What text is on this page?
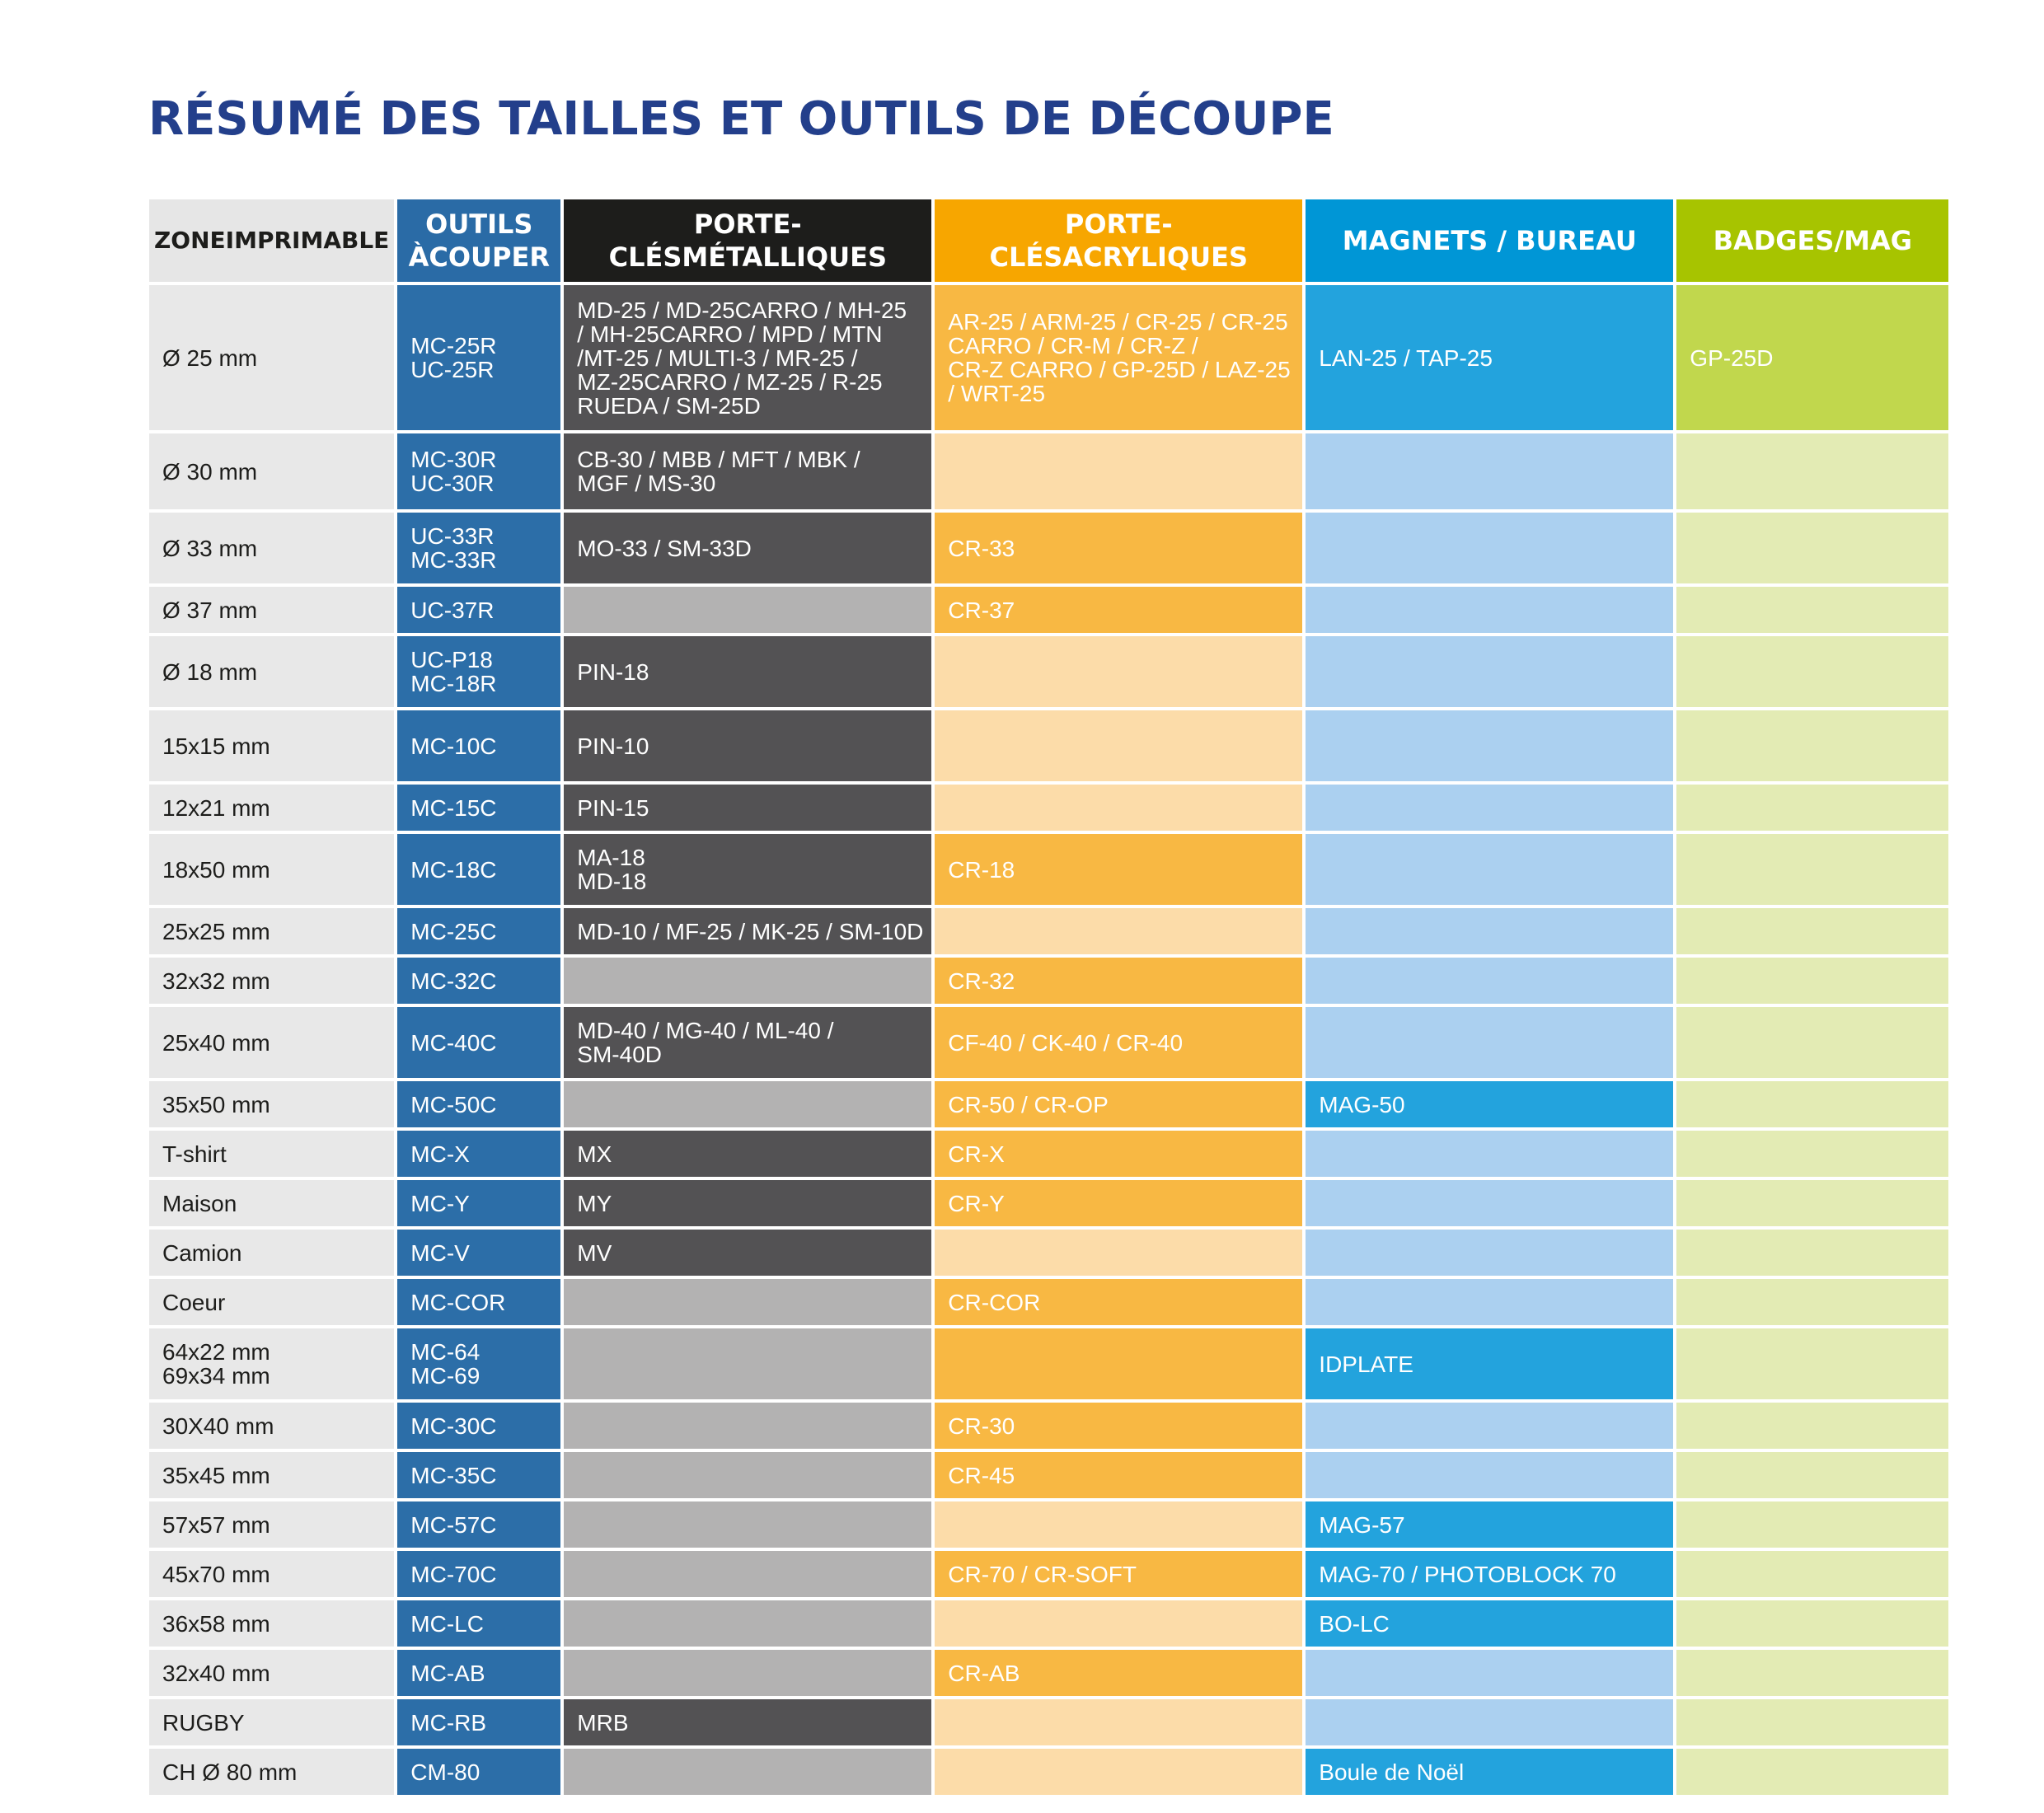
RÉSUMÉ DES TAILLES ET OUTILS DE DÉCOUPE
ZONEIMPRIMABLE	OUTILS ÀCOUPER	PORTE-CLÉSMÉTALLIQUES	PORTE-CLÉSACRYLIQUES	MAGNETS / BUREAU	BADGES/MAG

Ø 25 mm	MC-25R
UC-25R	MD-25 / MD-25CARRO / MH-25
/ MH-25CARRO / MPD / MTN
/MT-25 / MULTI-3 / MR-25 /
MZ-25CARRO / MZ-25 / R-25
RUEDA / SM-25D	AR-25 / ARM-25 / CR-25 / CR-25
CARRO / CR-M / CR-Z /
CR-Z CARRO / GP-25D / LAZ-25
/ WRT-25	LAN-25 / TAP-25	GP-25D

Ø 30 mm	MC-30R
UC-30R	CB-30 / MBB / MFT / MBK /
MGF / MS-30			

Ø 33 mm	UC-33R
MC-33R	MO-33 / SM-33D	CR-33		

Ø 37 mm	UC-37R		CR-37		

Ø 18 mm	UC-P18
MC-18R	PIN-18			

15x15 mm	MC-10C	PIN-10			

12x21 mm	MC-15C	PIN-15			

18x50 mm	MC-18C	MA-18
MD-18	CR-18		

25x25 mm	MC-25C	MD-10 / MF-25 / MK-25 / SM-10D			

32x32 mm	MC-32C		CR-32		

25x40 mm	MC-40C	MD-40 / MG-40 / ML-40 /
SM-40D	CF-40 / CK-40 / CR-40		

35x50 mm	MC-50C		CR-50 / CR-OP	MAG-50	

T-shirt	MC-X	MX	CR-X		

Maison	MC-Y	MY	CR-Y		

Camion	MC-V	MV			

Coeur	MC-COR		CR-COR		

64x22 mm
69x34 mm	MC-64
MC-69			IDPLATE	

30X40 mm	MC-30C		CR-30		

35x45 mm	MC-35C		CR-45		

57x57 mm	MC-57C			MAG-57	

45x70 mm	MC-70C		CR-70 / CR-SOFT	MAG-70 / PHOTOBLOCK 70	

36x58 mm	MC-LC			BO-LC	

32x40 mm	MC-AB		CR-AB		

RUGBY	MC-RB	MRB			

CH Ø 80 mm	CM-80			Boule de Noël	
